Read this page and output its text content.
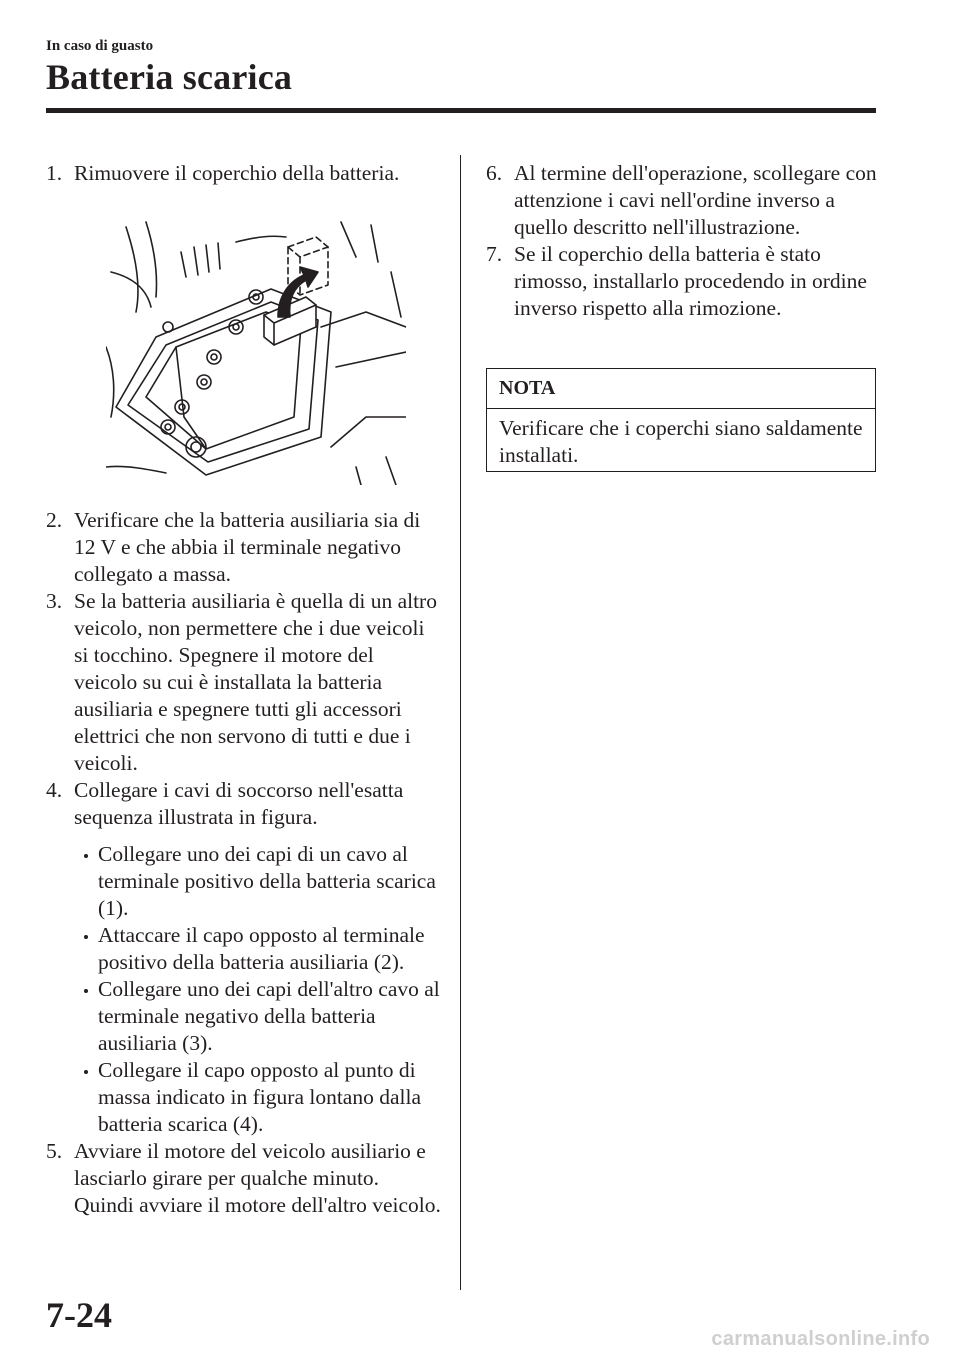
In caso di guasto
Batteria scarica

1. Rimuovere il coperchio della batteria.

2. Verificare che la batteria ausiliaria sia di 12 V e che abbia il terminale negativo collegato a massa.

3. Se la batteria ausiliaria è quella di un altro veicolo, non permettere che i due veicoli si tocchino. Spegnere il motore del veicolo su cui è installata la batteria ausiliaria e spegnere tutti gli accessori elettrici che non servono di tutti e due i veicoli.

4. Collegare i cavi di soccorso nell'esatta sequenza illustrata in figura.

Collegare uno dei capi di un cavo al terminale positivo della batteria scarica (1).

Attaccare il capo opposto al terminale positivo della batteria ausiliaria (2).

Collegare uno dei capi dell'altro cavo al terminale negativo della batteria ausiliaria (3).

Collegare il capo opposto al punto di massa indicato in figura lontano dalla batteria scarica (4).

5. Avviare il motore del veicolo ausiliario e lasciarlo girare per qualche minuto. Quindi avviare il motore dell'altro veicolo.

6. Al termine dell'operazione, scollegare con attenzione i cavi nell'ordine inverso a quello descritto nell'illustrazione.

7. Se il coperchio della batteria è stato rimosso, installarlo procedendo in ordine inverso rispetto alla rimozione.

NOTA
Verificare che i coperchi siano saldamente installati.
7-24
carmanualsonline.info
